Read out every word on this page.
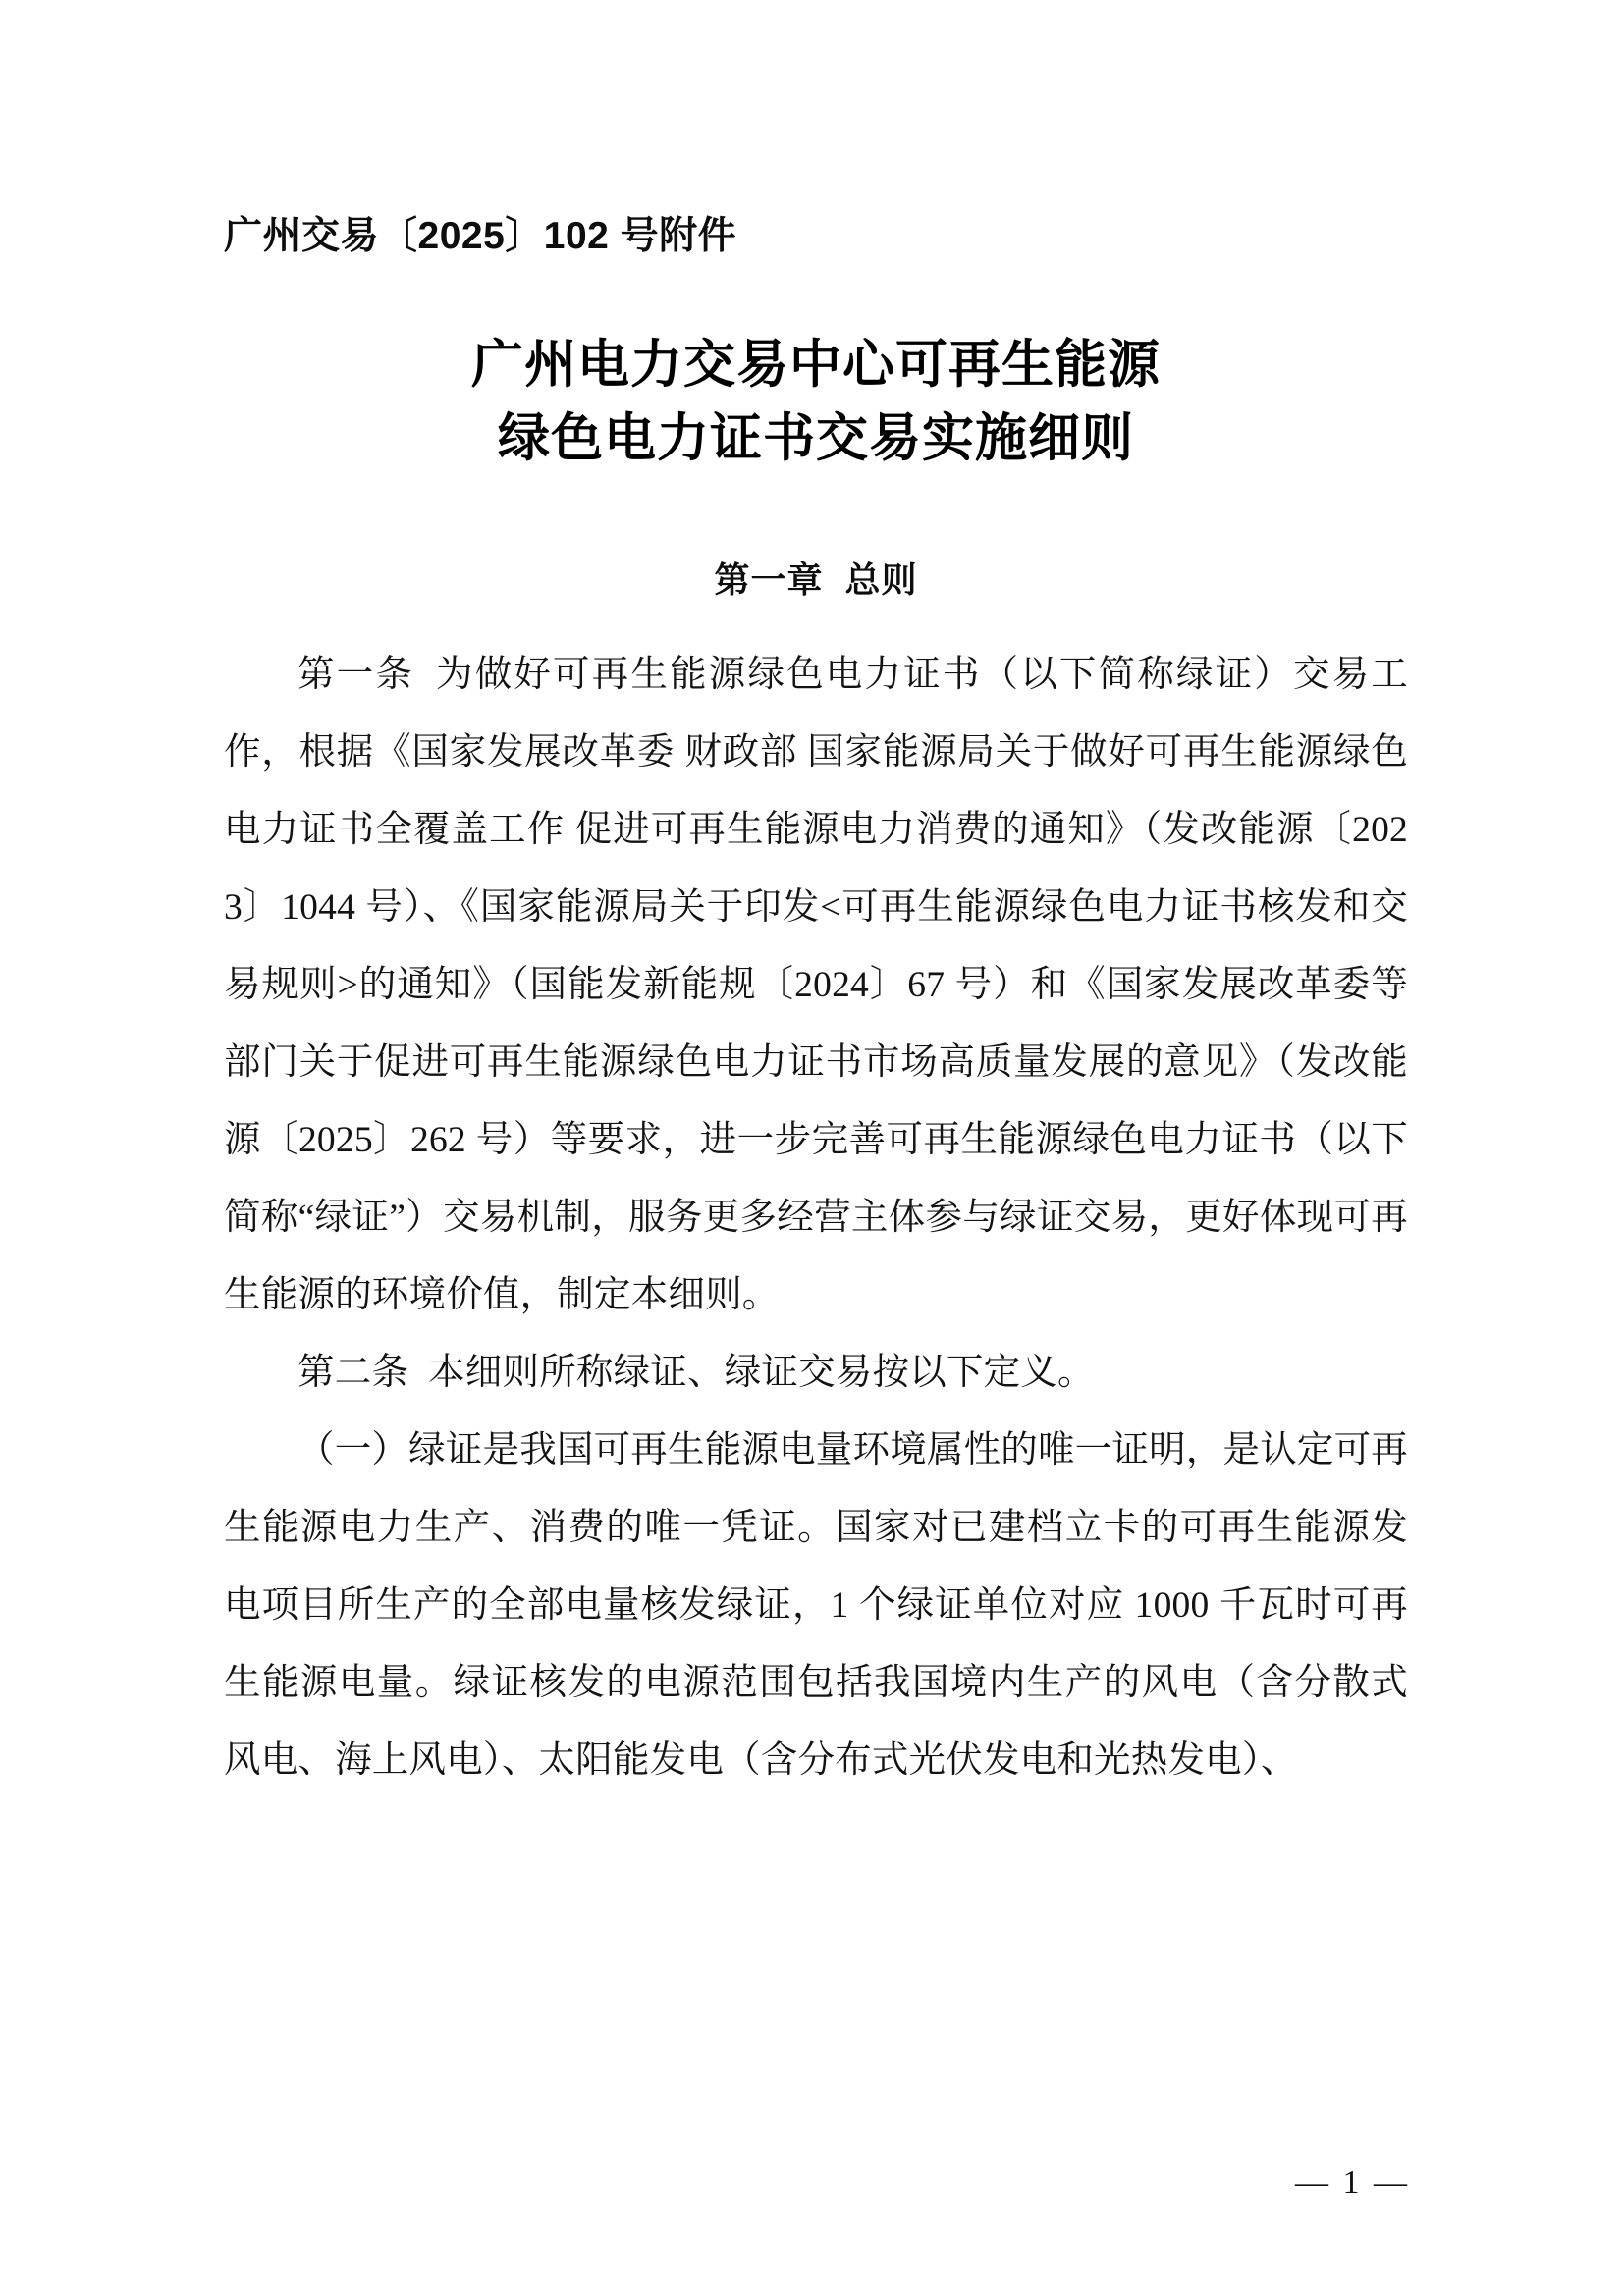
广州交易〔2025〕102 号附件
广州电力交易中心可再生能源
绿色电力证书交易实施细则
第一章 总则

第一条 为做好可再生能源绿色电力证书（以下简称绿证）交易工作，根据《国家发展改革委 财政部 国家能源局关于做好可再生能源绿色电力证书全覆盖工作 促进可再生能源电力消费的通知》（发改能源〔2023〕1044 号）、《国家能源局关于印发<可再生能源绿色电力证书核发和交易规则>的通知》（国能发新能规〔2024〕67 号）和《国家发展改革委等部门关于促进可再生能源绿色电力证书市场高质量发展的意见》（发改能源〔2025〕262 号）等要求，进一步完善可再生能源绿色电力证书（以下简称“绿证”）交易机制，服务更多经营主体参与绿证交易，更好体现可再生能源的环境价值，制定本细则。

第二条 本细则所称绿证、绿证交易按以下定义。

（一）绿证是我国可再生能源电量环境属性的唯一证明，是认定可再生能源电力生产、消费的唯一凭证。国家对已建档立卡的可再生能源发电项目所生产的全部电量核发绿证，1 个绿证单位对应 1000 千瓦时可再生能源电量。绿证核发的电源范围包括我国境内生产的风电（含分散式风电、海上风电）、太阳能发电（含分布式光伏发电和光热发电）、

— 1 —
